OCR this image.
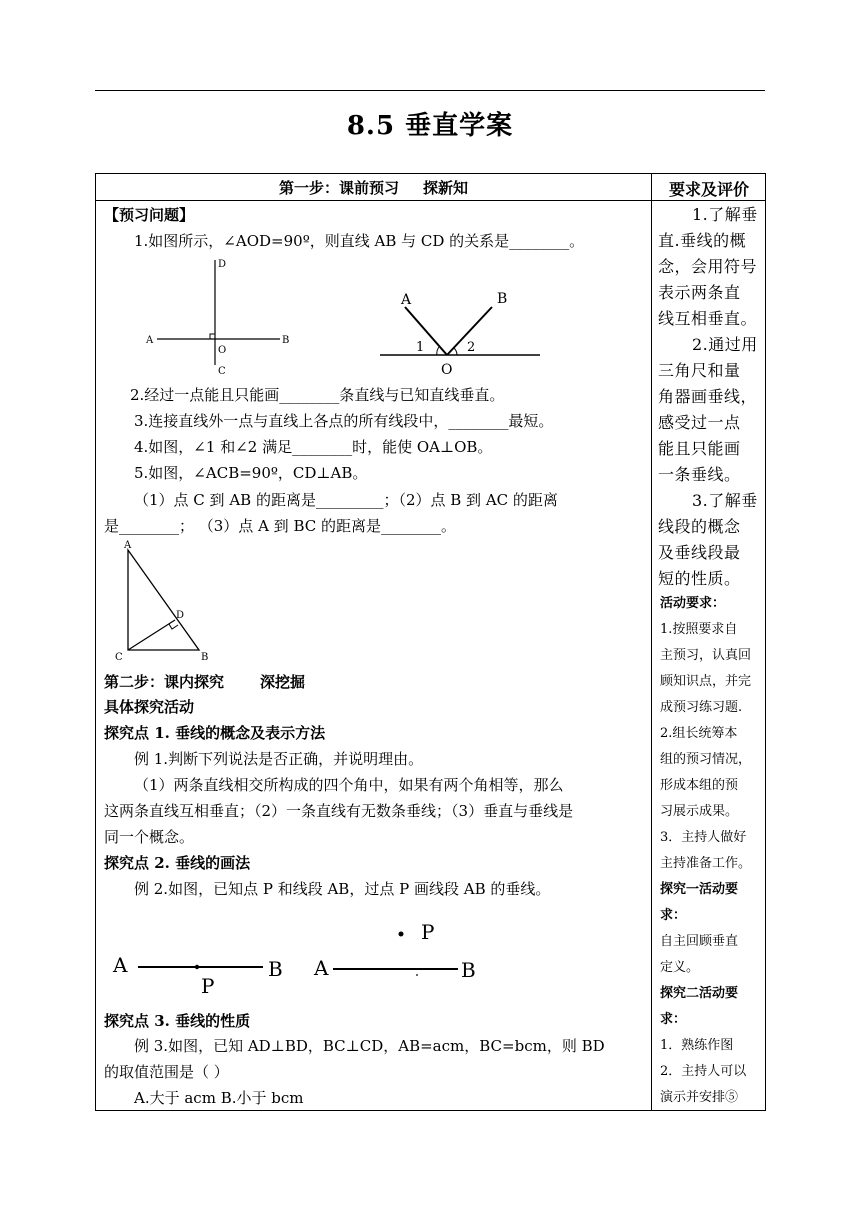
8.5 垂直学案
第一步：课前预习 探新知	要求及评价
【预习问题】
1.如图所示，∠AOD=90º，则直线 AB 与 CD 的关系是________。
D
A	B
O
C
A	B
O
1	2
2.经过一点能且只能画________条直线与已知直线垂直。
3.连接直线外一点与直线上各点的所有线段中，________最短。
4.如图，∠1 和∠2 满足________时，能使 OA⊥OB。
5.如图，∠ACB=90º，CD⊥AB。
（1）点 C 到 AB 的距离是_________；（2）点 B 到 AC 的距离
是________； （3）点 A 到 BC 的距离是________。
A
D
C	B
第二步：课内探究 深挖掘
具体探究活动
探究点 1. 垂线的概念及表示方法
例 1.判断下列说法是否正确，并说明理由。
（1）两条直线相交所构成的四个角中，如果有两个角相等，那么
这两条直线互相垂直；（2）一条直线有无数条垂线；（3）垂直与垂线是
同一个概念。
探究点 2. 垂线的画法
例 2.如图，已知点 P 和线段 AB，过点 P 画线段 AB 的垂线。
A	B
P
A	B
P
探究点 3. 垂线的性质
例 3.如图，已知 AD⊥BD，BC⊥CD，AB=acm，BC=bcm，则 BD
的取值范围是（ ）
A.大于 acm B.小于 bcm
1.了解垂
直.垂线的概
念，会用符号
表示两条直
线互相垂直。
2.通过用
三角尺和量
角器画垂线，
感受过一点
能且只能画
一条垂线。
3.了解垂
线段的概念
及垂线段最
短的性质。
活动要求：
1.按照要求自
主预习，认真回
顾知识点，并完
成预习练习题.
2.组长统筹本
组的预习情况，
形成本组的预
习展示成果。
3．主持人做好
主持准备工作。
探究一活动要
求：
自主回顾垂直
定义。
探究二活动要
求：
1．熟练作图
2．主持人可以
演示并安排⑤
